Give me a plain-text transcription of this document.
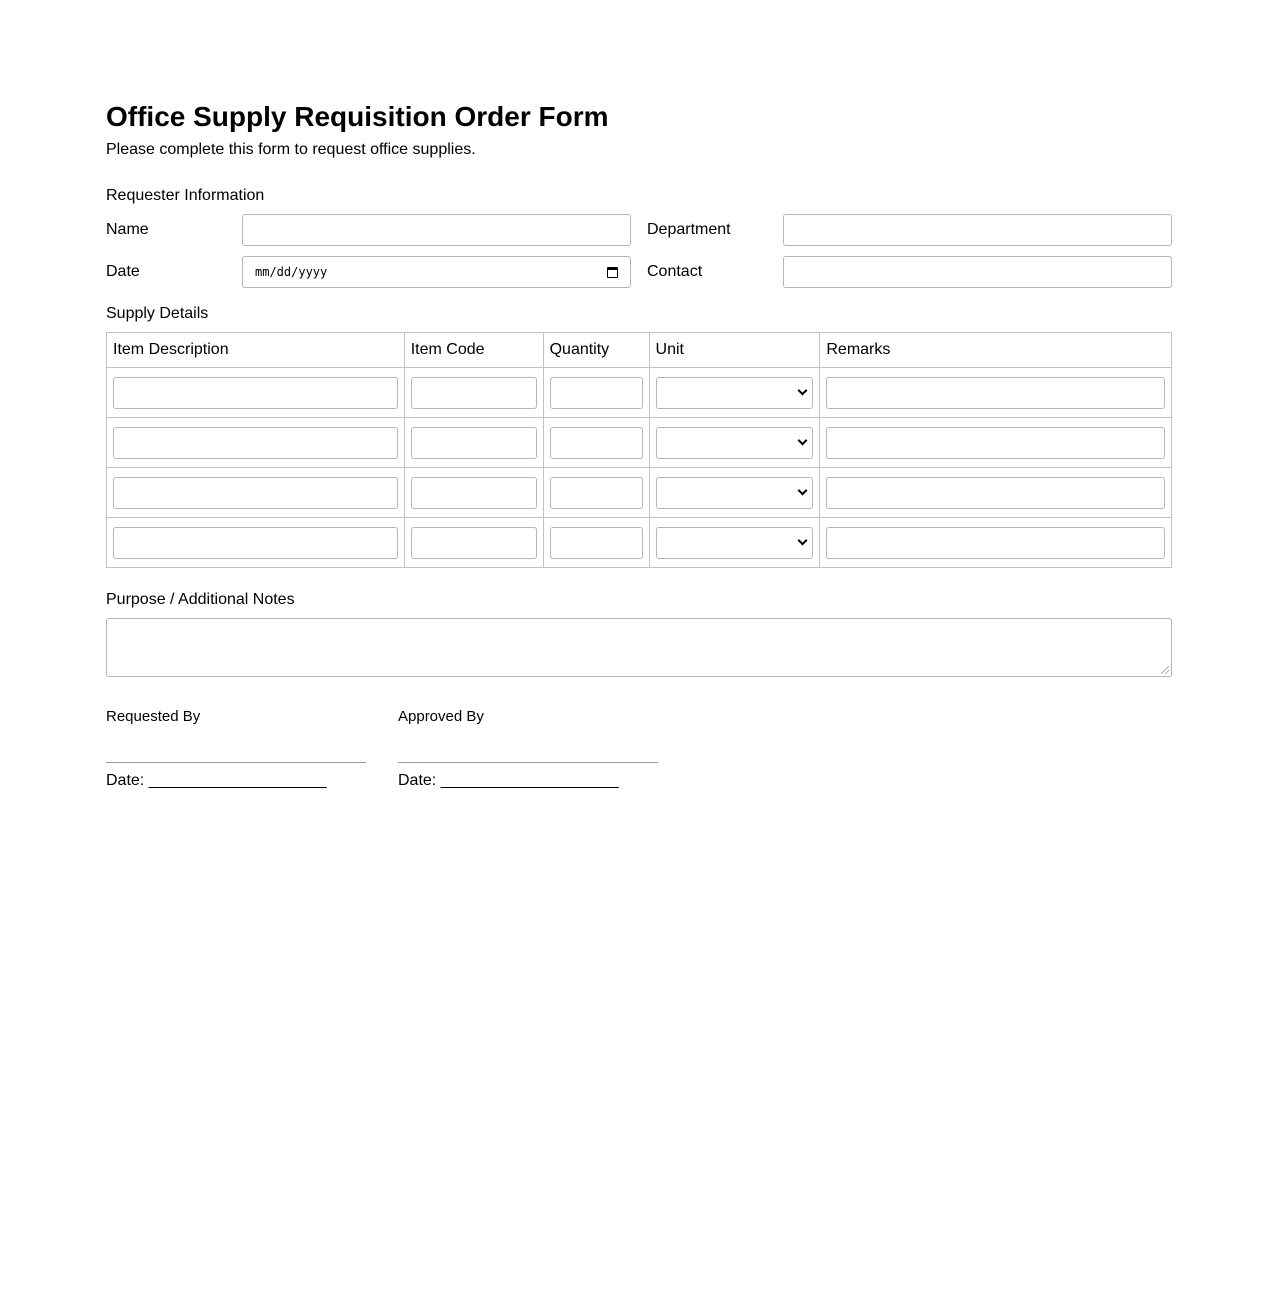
Office Supply Requisition Order Form

Please complete this form to request office supplies.

Requester Information
Name	Department
Date	mm/dd/yyyy	Contact
Supply Details
Item Description	Item Code	Quantity	Unit	Remarks

Purpose / Additional Notes
Requested By
Date: ____________________
Approved By
Date: ____________________
